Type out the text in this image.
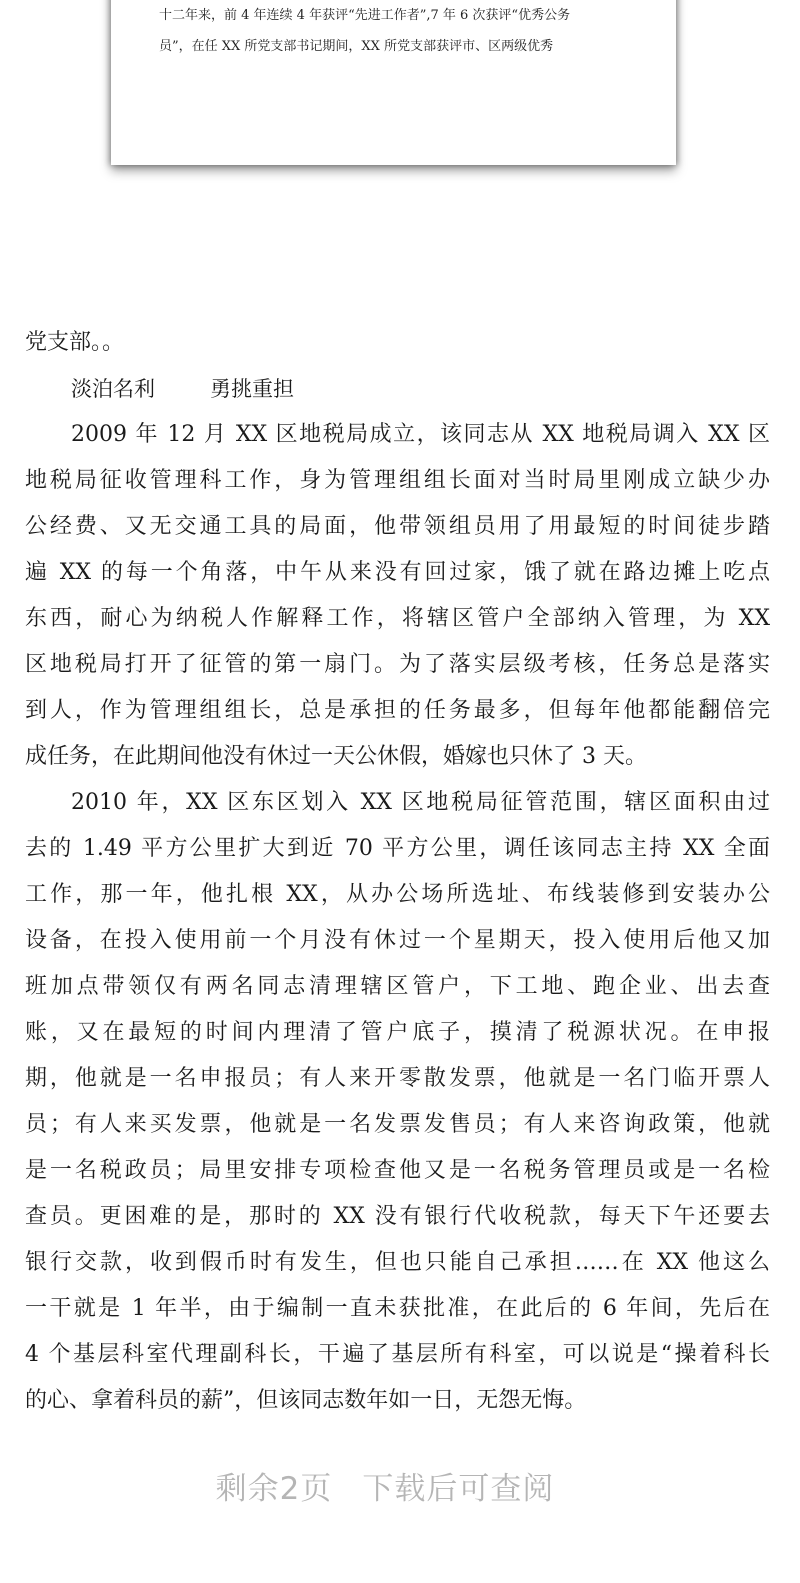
十二年来，前 4 年连续 4 年获评“先进工作者”,7 年 6 次获评“优秀公务
员”，在任 XX 所党支部书记期间，XX 所党支部获评市、区两级优秀
党支部。。
淡泊名利	勇挑重担
2009 年 12 月 XX 区地税局成立，该同志从 XX 地税局调入 XX 区
地税局征收管理科工作，身为管理组组长面对当时局里刚成立缺少办
公经费、又无交通工具的局面，他带领组员用了用最短的时间徒步踏
遍 XX 的每一个角落，中午从来没有回过家，饿了就在路边摊上吃点
东西，耐心为纳税人作解释工作，将辖区管户全部纳入管理，为 XX
区地税局打开了征管的第一扇门。为了落实层级考核，任务总是落实
到人，作为管理组组长，总是承担的任务最多，但每年他都能翻倍完
成任务，在此期间他没有休过一天公休假，婚嫁也只休了 3 天。
2010 年，XX 区东区划入 XX 区地税局征管范围，辖区面积由过
去的 1.49 平方公里扩大到近 70 平方公里，调任该同志主持 XX 全面
工作，那一年，他扎根 XX，从办公场所选址、布线装修到安装办公
设备，在投入使用前一个月没有休过一个星期天，投入使用后他又加
班加点带领仅有两名同志清理辖区管户，下工地、跑企业、出去查
账，又在最短的时间内理清了管户底子，摸清了税源状况。在申报
期，他就是一名申报员；有人来开零散发票，他就是一名门临开票人
员；有人来买发票，他就是一名发票发售员；有人来咨询政策，他就
是一名税政员；局里安排专项检查他又是一名税务管理员或是一名检
查员。更困难的是，那时的 XX 没有银行代收税款，每天下午还要去
银行交款，收到假币时有发生，但也只能自己承担……在 XX 他这么
一干就是 1 年半，由于编制一直未获批准，在此后的 6 年间，先后在
4 个基层科室代理副科长，干遍了基层所有科室，可以说是“操着科长
的心、拿着科员的薪”，但该同志数年如一日，无怨无悔。
剩余2页 下载后可查阅
